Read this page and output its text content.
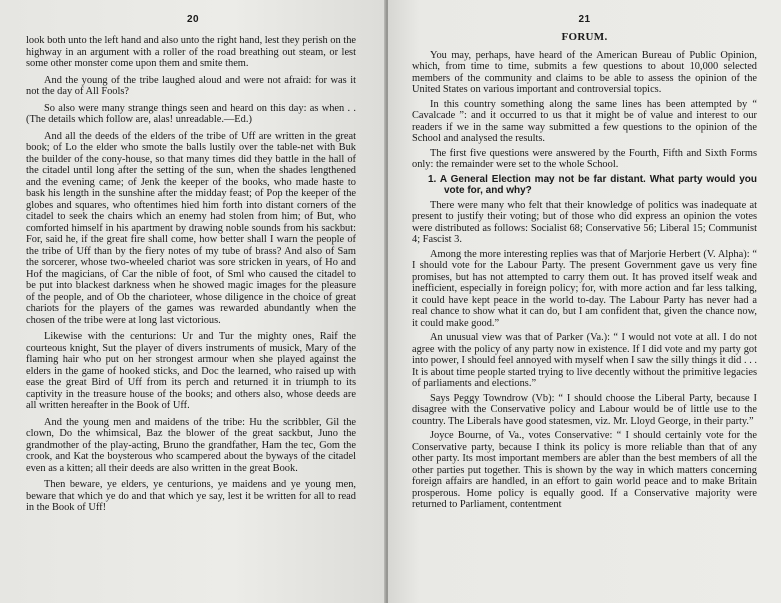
20

look both unto the left hand and also unto the right hand, lest they perish on the highway in an argument with a roller of the road breathing out steam, or lest some other monster come upon them and smite them.

And the young of the tribe laughed aloud and were not afraid: for was it not the day of All Fools?

So also were many strange things seen and heard on this day: as when . . (The details which follow are, alas! unreadable.—Ed.)

And all the deeds of the elders of the tribe of Uff are written in the great book; of Lo the elder who smote the balls lustily over the table-net with Buk the builder of the cony-house, so that many times did they battle in the hall of the citadel until long after the setting of the sun, when the shades lengthened and the evening came; of Jenk the keeper of the books, who made haste to bask his length in the sunshine after the midday feast; of Pop the keeper of the globes and squares, who oftentimes hied him forth into distant corners of the citadel to seek the chairs which an enemy had stolen from him; of But, who comforted himself in his apartment by drawing noble sounds from his sackbut: For, said he, if the great fire shall come, how better shall I warn the people of the tribe of Uff than by the fiery notes of my tube of brass? And also of Sam the sorcerer, whose two-wheeled chariot was sore stricken in years, of Ho and Hof the magicians, of Car the nible of foot, of Sml who caused the citadel to be put into blackest darkness when he showed magic images for the pleasure of the people, and of Ob the charioteer, whose diligence in the choice of great chariots for the players of the games was rewarded abundantly when the chosen of the tribe were at long last victorious.

Likewise with the centurions: Ur and Tur the mighty ones, Raif the courteous knight, Sut the player of divers instruments of musick, Mary of the flaming hair who put on her strongest armour when she played against the elders in the game of hooked sticks, and Doc the learned, who raised up with ease the great Bird of Uff from its perch and returned it in triumph to its captivity in the treasure house of the books; and others also, whose deeds are all written hereafter in the Book of Uff.

And the young men and maidens of the tribe: Hu the scribbler, Gil the clown, Do the whimsical, Baz the blower of the great sackbut, Juno the grandmother of the play-acting, Bruno the grandfather, Ham the tec, Gom the crook, and Kat the boysterous who scampered about the byways of the citadel even as a kitten; all their deeds are also written in the great Book.

Then beware, ye elders, ye centurions, ye maidens and ye young men, beware that which ye do and that which ye say, lest it be written for all to read in the Book of Uff!

21
FORUM.

You may, perhaps, have heard of the American Bureau of Public Opinion, which, from time to time, submits a few questions to about 10,000 selected members of the community and claims to be able to assess the opinion of the United States on various important and controversial topics.

In this country something along the same lines has been attempted by “ Cavalcade ”: and it occurred to us that it might be of value and interest to our readers if we in the same way submitted a few questions to the opinion of the School and analysed the results.

The first five questions were answered by the Fourth, Fifth and Sixth Forms only: the remainder were set to the whole School.

1. A General Election may not be far distant. What party would you vote for, and why?

There were many who felt that their knowledge of politics was inadequate at present to justify their voting; but of those who did express an opinion the votes were distributed as follows: Socialist 68; Conservative 56; Liberal 15; Communist 4; Fascist 3.

Among the more interesting replies was that of Marjorie Herbert (V. Alpha): “ I should vote for the Labour Party. The present Government gave us very fine promises, but has not attempted to carry them out. It has proved itself weak and inefficient, especially in foreign policy; for, with more action and far less talking, it could have kept peace in the world to-day. The Labour Party has never had a real chance to show what it can do, but I am confident that, given the chance now, it could make good.”

An unusual view was that of Parker (Va.): “ I would not vote at all. I do not agree with the policy of any party now in existence. If I did vote and my party got into power, I should feel annoyed with myself when I saw the silly things it did . . . It is about time people started trying to live decently without the primitive legacies of parliaments and elections.”

Says Peggy Towndrow (Vb): “ I should choose the Liberal Party, because I disagree with the Conservative policy and Labour would be of little use to the country. The Liberals have good statesmen, viz. Mr. Lloyd George, in their party.”

Joyce Bourne, of Va., votes Conservative: “ I should certainly vote for the Conservative party, because I think its policy is more reliable than that of any other party. Its most important members are abler than the best members of all the other parties put together. This is shown by the way in which matters concerning foreign affairs are handled, in an effort to gain world peace and to make Britain prosperous. Home policy is equally good. If a Conservative majority were returned to Parliament, contentment
